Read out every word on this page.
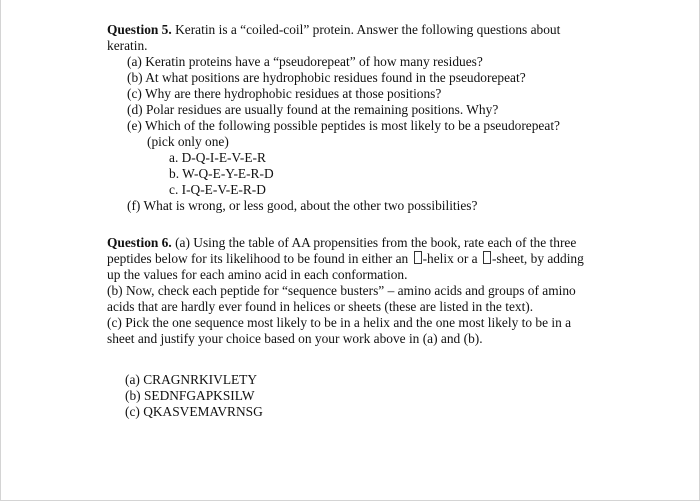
Question 5. Keratin is a “coiled-coil” protein. Answer the following questions about
keratin.
(a) Keratin proteins have a “pseudorepeat” of how many residues?
(b) At what positions are hydrophobic residues found in the pseudorepeat?
(c) Why are there hydrophobic residues at those positions?
(d) Polar residues are usually found at the remaining positions. Why?
(e) Which of the following possible peptides is most likely to be a pseudorepeat?
(pick only one)
a. D-Q-I-E-V-E-R
b. W-Q-E-Y-E-R-D
c. I-Q-E-V-E-R-D
(f) What is wrong, or less good, about the other two possibilities?
Question 6. (a) Using the table of AA propensities from the book, rate each of the three
peptides below for its likelihood to be found in either an -helix or a -sheet, by adding
up the values for each amino acid in each conformation.
(b) Now, check each peptide for “sequence busters” – amino acids and groups of amino
acids that are hardly ever found in helices or sheets (these are listed in the text).
(c) Pick the one sequence most likely to be in a helix and the one most likely to be in a
sheet and justify your choice based on your work above in (a) and (b).
(a) CRAGNRKIVLETY
(b) SEDNFGAPKSILW
(c) QKASVEMAVRNSG
